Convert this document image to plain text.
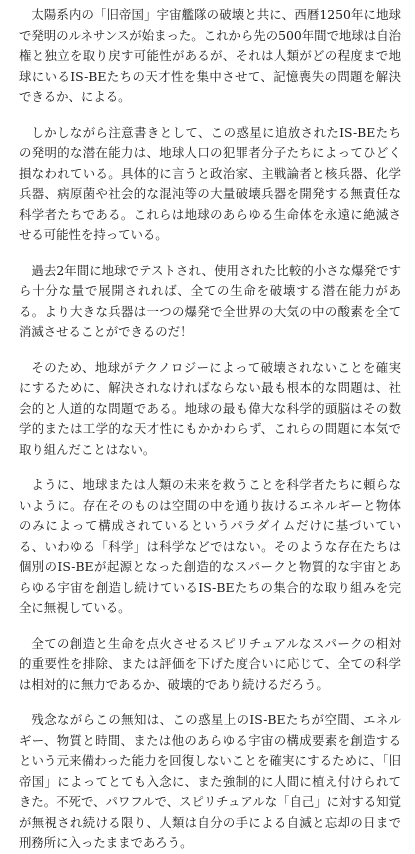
太陽系内の「旧帝国」宇宙艦隊の破壊と共に、西暦1250年に地球で発明のルネサンスが始まった。これから先の500年間で地球は自治権と独立を取り戻す可能性があるが、それは人類がどの程度まで地球にいるIS-BEたちの天才性を集中させて、記憶喪失の問題を解決できるか、による。

しかしながら注意書きとして、この惑星に追放されたIS-BEたちの発明的な潜在能力は、地球人口の犯罪者分子たちによってひどく損なわれている。具体的に言うと政治家、主戦論者と核兵器、化学兵器、病原菌や社会的な混沌等の大量破壊兵器を開発する無責任な科学者たちである。これらは地球のあらゆる生命体を永遠に絶滅させる可能性を持っている。

過去2年間に地球でテストされ、使用された比較的小さな爆発ですら十分な量で展開されれば、全ての生命を破壊する潜在能力がある。より大きな兵器は一つの爆発で全世界の大気の中の酸素を全て消滅させることができるのだ！

そのため、地球がテクノロジーによって破壊されないことを確実にするために、解決されなければならない最も根本的な問題は、社会的と人道的な問題である。地球の最も偉大な科学的頭脳はその数学的または工学的な天才性にもかかわらず、これらの問題に本気で取り組んだことはない。

ように、地球または人類の未来を救うことを科学者たちに頼らないように。存在そのものは空間の中を通り抜けるエネルギーと物体のみによって構成されているというパラダイムだけに基づいている、いわゆる「科学」は科学などではない。そのような存在たちは個別のIS-BEが起源となった創造的なスパークと物質的な宇宙とあらゆる宇宙を創造し続けているIS-BEたちの集合的な取り組みを完全に無視している。

全ての創造と生命を点火させるスピリチュアルなスパークの相対的重要性を排除、または評価を下げた度合いに応じて、全ての科学は相対的に無力であるか、破壊的であり続けるだろう。

残念ながらこの無知は、この惑星上のIS-BEたちが空間、エネルギー、物質と時間、または他のあらゆる宇宙の構成要素を創造するという元来備わった能力を回復しないことを確実にするために、「旧帝国」によってとても入念に、また強制的に人間に植え付けられてきた。不死で、パワフルで、スピリチュアルな「自己」に対する知覚が無視され続ける限り、人類は自分の手による自滅と忘却の日まで刑務所に入ったままであろう。
